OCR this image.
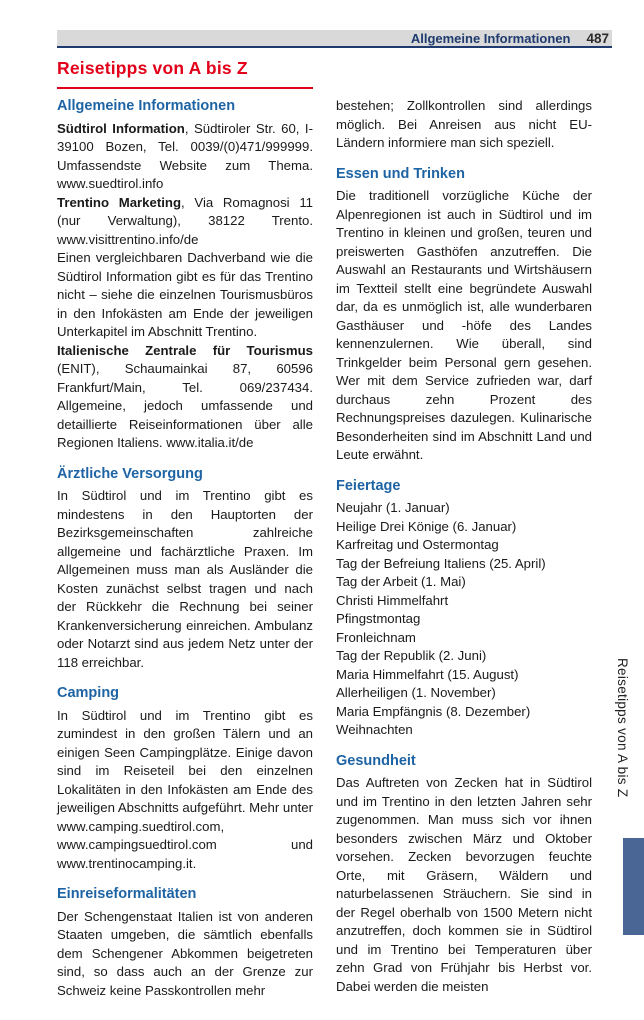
Allgemeine Informationen 487
Reisetipps von A bis Z
Allgemeine Informationen

Südtirol Information, Südtiroler Str. 60, I-39100 Bozen, Tel. 0039/(0)471/999999. Umfassendste Website zum Thema. www.suedtirol.info

Trentino Marketing, Via Romagnosi 11 (nur Verwaltung), 38122 Trento. www.visittrentino.info/de

Einen vergleichbaren Dachverband wie die Südtirol Information gibt es für das Trentino nicht – siehe die einzelnen Tourismusbüros in den Infokästen am Ende der jeweiligen Unterkapitel im Abschnitt Trentino.

Italienische Zentrale für Tourismus (ENIT), Schaumainkai 87, 60596 Frankfurt/Main, Tel. 069/237434. Allgemeine, jedoch umfassende und detaillierte Reiseinformationen über alle Regionen Italiens. www.italia.it/de

Ärztliche Versorgung

In Südtirol und im Trentino gibt es mindestens in den Hauptorten der Bezirksgemeinschaften zahlreiche allgemeine und fachärztliche Praxen. Im Allgemeinen muss man als Ausländer die Kosten zunächst selbst tragen und nach der Rückkehr die Rechnung bei seiner Krankenversicherung einreichen. Ambulanz oder Notarzt sind aus jedem Netz unter der 118 erreichbar.

Camping

In Südtirol und im Trentino gibt es zumindest in den großen Tälern und an einigen Seen Campingplätze. Einige davon sind im Reiseteil bei den einzelnen Lokalitäten in den Infokästen am Ende des jeweiligen Abschnitts aufgeführt. Mehr unter www.camping.suedtirol.com, www.campingsuedtirol.com und www.trentinocamping.it.

Einreiseformalitäten

Der Schengenstaat Italien ist von anderen Staaten umgeben, die sämtlich ebenfalls dem Schengener Abkommen beigetreten sind, so dass auch an der Grenze zur Schweiz keine Passkontrollen mehr

bestehen; Zollkontrollen sind allerdings möglich. Bei Anreisen aus nicht EU-Ländern informiere man sich speziell.

Essen und Trinken

Die traditionell vorzügliche Küche der Alpenregionen ist auch in Südtirol und im Trentino in kleinen und großen, teuren und preiswerten Gasthöfen anzutreffen. Die Auswahl an Restaurants und Wirtshäusern im Textteil stellt eine begründete Auswahl dar, da es unmöglich ist, alle wunderbaren Gasthäuser und -höfe des Landes kennenzulernen. Wie überall, sind Trinkgelder beim Personal gern gesehen. Wer mit dem Service zufrieden war, darf durchaus zehn Prozent des Rechnungspreises dazulegen. Kulinarische Besonderheiten sind im Abschnitt Land und Leute erwähnt.

Feiertage

Neujahr (1. Januar)

Heilige Drei Könige (6. Januar)

Karfreitag und Ostermontag

Tag der Befreiung Italiens (25. April)

Tag der Arbeit (1. Mai)

Christi Himmelfahrt

Pfingstmontag

Fronleichnam

Tag der Republik (2. Juni)

Maria Himmelfahrt (15. August)

Allerheiligen (1. November)

Maria Empfängnis (8. Dezember)

Weihnachten

Gesundheit

Das Auftreten von Zecken hat in Südtirol und im Trentino in den letzten Jahren sehr zugenommen. Man muss sich vor ihnen besonders zwischen März und Oktober vorsehen. Zecken bevorzugen feuchte Orte, mit Gräsern, Wäldern und naturbelassenen Sträuchern. Sie sind in der Regel oberhalb von 1500 Metern nicht anzutreffen, doch kommen sie in Südtirol und im Trentino bei Temperaturen über zehn Grad von Frühjahr bis Herbst vor. Dabei werden die meisten

Reisetipps von A bis Z
